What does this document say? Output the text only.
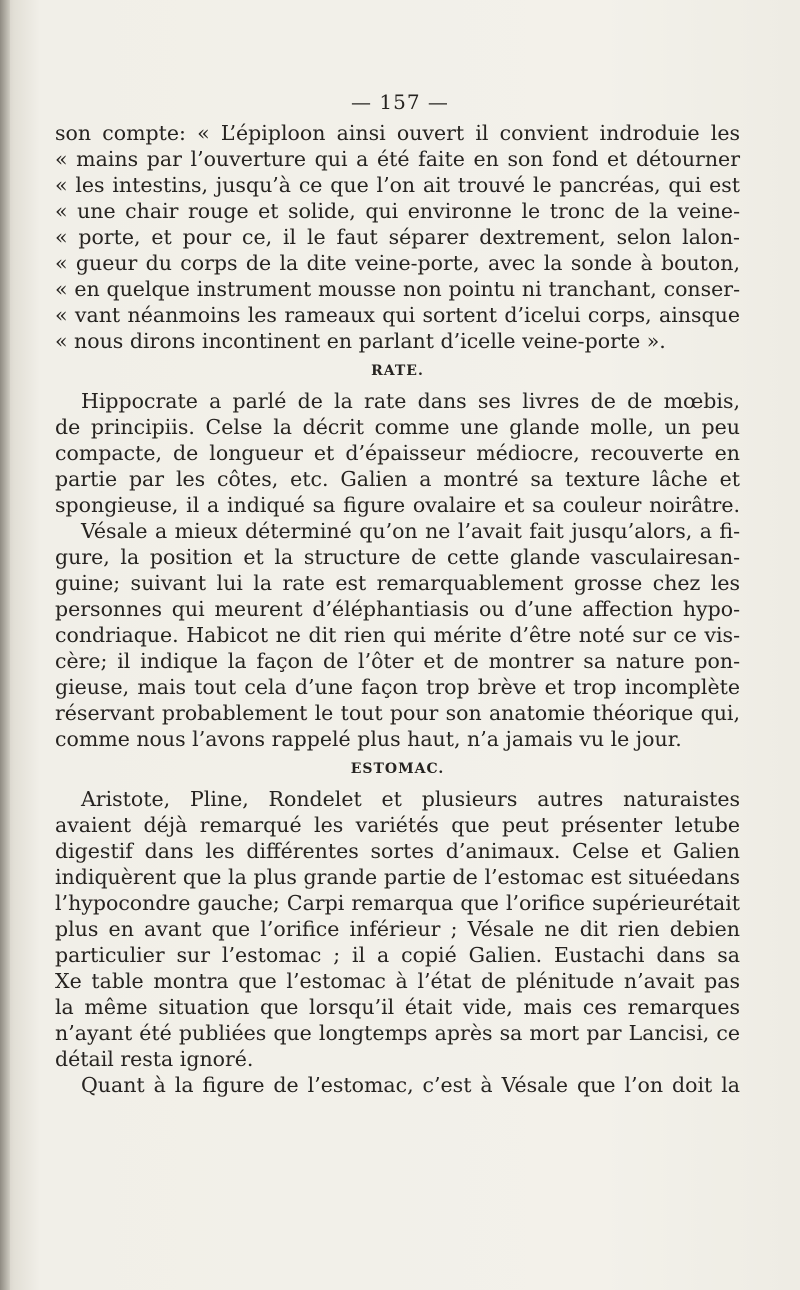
— 157 —
son compte: « L’épiploon ainsi ouvert il convient indroduie les
« mains par l’ouverture qui a été faite en son fond et détourner
« les intestins, jusqu’à ce que l’on ait trouvé le pancréas, qui est
« une chair rouge et solide, qui environne le tronc de la veine-
« porte, et pour ce, il le faut séparer dextrement, selon lalon-
« gueur du corps de la dite veine-porte, avec la sonde à bouton,
« en quelque instrument mousse non pointu ni tranchant, conser-
« vant néanmoins les rameaux qui sortent d’icelui corps, ainsque
« nous dirons incontinent en parlant d’icelle veine-porte ».
RATE.
Hippocrate a parlé de la rate dans ses livres de de mœbis,
de principiis. Celse la décrit comme une glande molle, un peu
compacte, de longueur et d’épaisseur médiocre, recouverte en
partie par les côtes, etc. Galien a montré sa texture lâche et
spongieuse, il a indiqué sa figure ovalaire et sa couleur noirâtre.
Vésale a mieux déterminé qu’on ne l’avait fait jusqu’alors, a fi-
gure, la position et la structure de cette glande vasculairesan-
guine; suivant lui la rate est remarquablement grosse chez les
personnes qui meurent d’éléphantiasis ou d’une affection hypo-
condriaque. Habicot ne dit rien qui mérite d’être noté sur ce vis-
cère; il indique la façon de l’ôter et de montrer sa nature pon-
gieuse, mais tout cela d’une façon trop brève et trop incomplète
réservant probablement le tout pour son anatomie théorique qui,
comme nous l’avons rappelé plus haut, n’a jamais vu le jour.
ESTOMAC.
Aristote, Pline, Rondelet et plusieurs autres naturaistes
avaient déjà remarqué les variétés que peut présenter letube
digestif dans les différentes sortes d’animaux. Celse et Galien
indiquèrent que la plus grande partie de l’estomac est situéedans
l’hypocondre gauche; Carpi remarqua que l’orifice supérieurétait
plus en avant que l’orifice inférieur ; Vésale ne dit rien debien
particulier sur l’estomac ; il a copié Galien. Eustachi dans sa
Xe table montra que l’estomac à l’état de plénitude n’avait pas
la même situation que lorsqu’il était vide, mais ces remarques
n’ayant été publiées que longtemps après sa mort par Lancisi, ce
détail resta ignoré.
Quant à la figure de l’estomac, c’est à Vésale que l’on doit la
